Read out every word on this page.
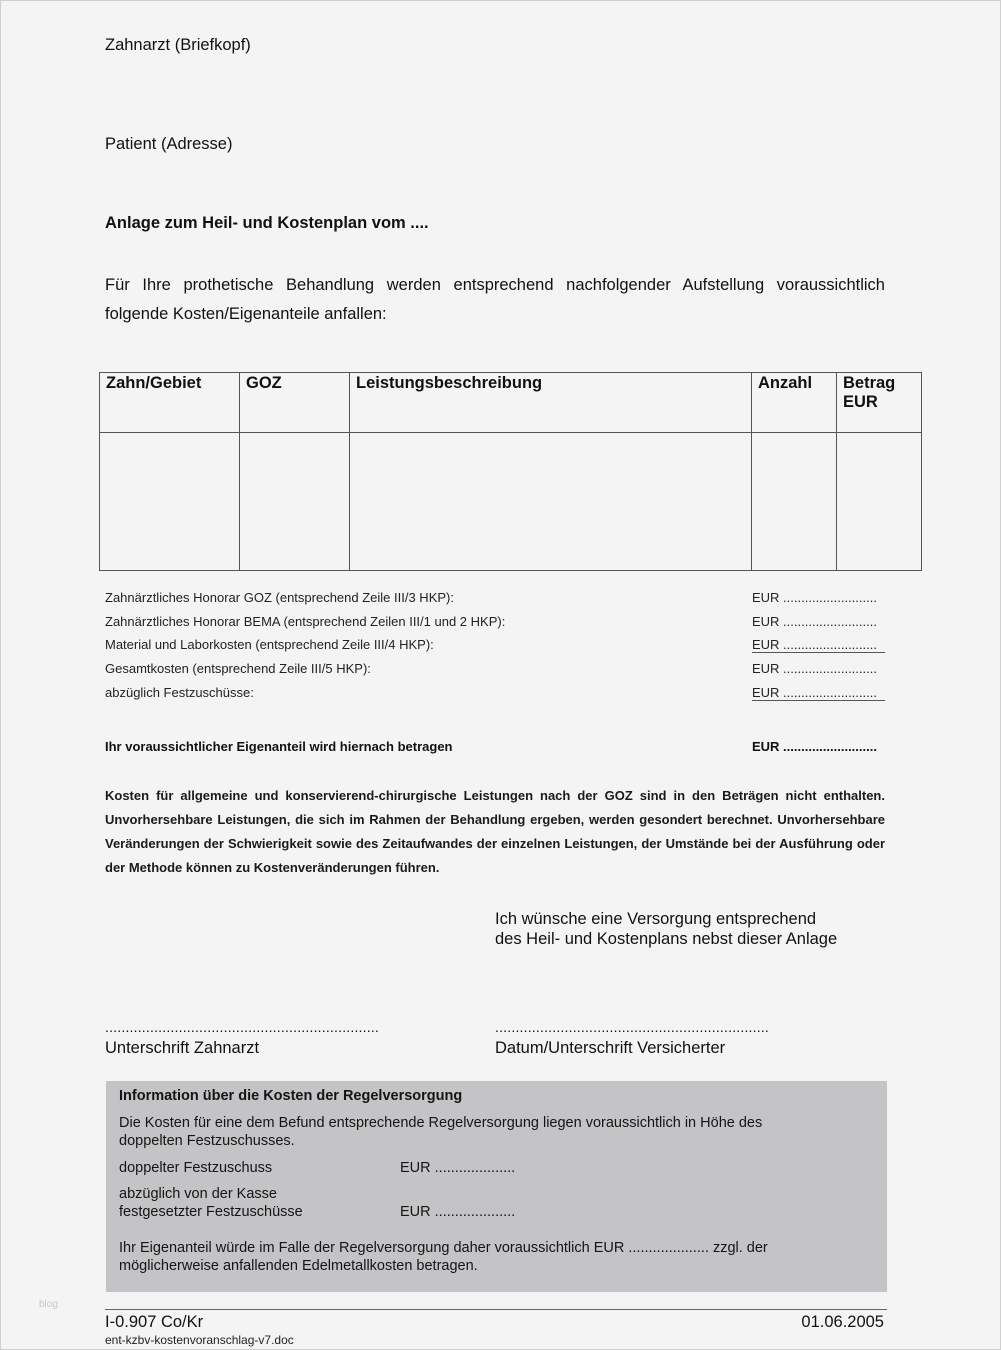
Zahnarzt (Briefkopf)
Patient (Adresse)
Anlage zum Heil- und Kostenplan vom ....
Für Ihre prothetische Behandlung werden entsprechend nachfolgender Aufstellung voraussichtlich folgende Kosten/Eigenanteile anfallen:
Zahn/Gebiet	GOZ	Leistungsbeschreibung	Anzahl	Betrag EUR

Zahnärztliches Honorar GOZ (entsprechend Zeile III/3 HKP):	EUR ..........................
Zahnärztliches Honorar BEMA (entsprechend Zeilen III/1 und 2 HKP):	EUR ..........................
Material und Laborkosten (entsprechend Zeile III/4 HKP):	EUR ..........................
Gesamtkosten (entsprechend Zeile III/5 HKP):	EUR ..........................
abzüglich Festzuschüsse:	EUR ..........................
Ihr voraussichtlicher Eigenanteil wird hiernach betragen	EUR ..........................
Kosten für allgemeine und konservierend-chirurgische Leistungen nach der GOZ sind in den Beträgen nicht enthalten. Unvorhersehbare Leistungen, die sich im Rahmen der Behandlung ergeben, werden gesondert berechnet. Unvorhersehbare Veränderungen der Schwierigkeit sowie des Zeitaufwandes der einzelnen Leistungen, der Umstände bei der Ausführung oder der Methode können zu Kostenveränderungen führen.
Ich wünsche eine Versorgung entsprechend
des Heil- und Kostenplans nebst dieser Anlage
...................................................................
Unterschrift Zahnarzt
...................................................................
Datum/Unterschrift Versicherter
Information über die Kosten der Regelversorgung
Die Kosten für eine dem Befund entsprechende Regelversorgung liegen voraussichtlich in Höhe des
doppelten Festzuschusses.
doppelter Festzuschuss	EUR ....................
abzüglich von der Kasse
festgesetzter Festzuschüsse	EUR ....................
Ihr Eigenanteil würde im Falle der Regelversorgung daher voraussichtlich EUR .................... zzgl. der
möglicherweise anfallenden Edelmetallkosten betragen.
blog
I-0.907 Co/Kr	01.06.2005
ent-kzbv-kostenvoranschlag-v7.doc
